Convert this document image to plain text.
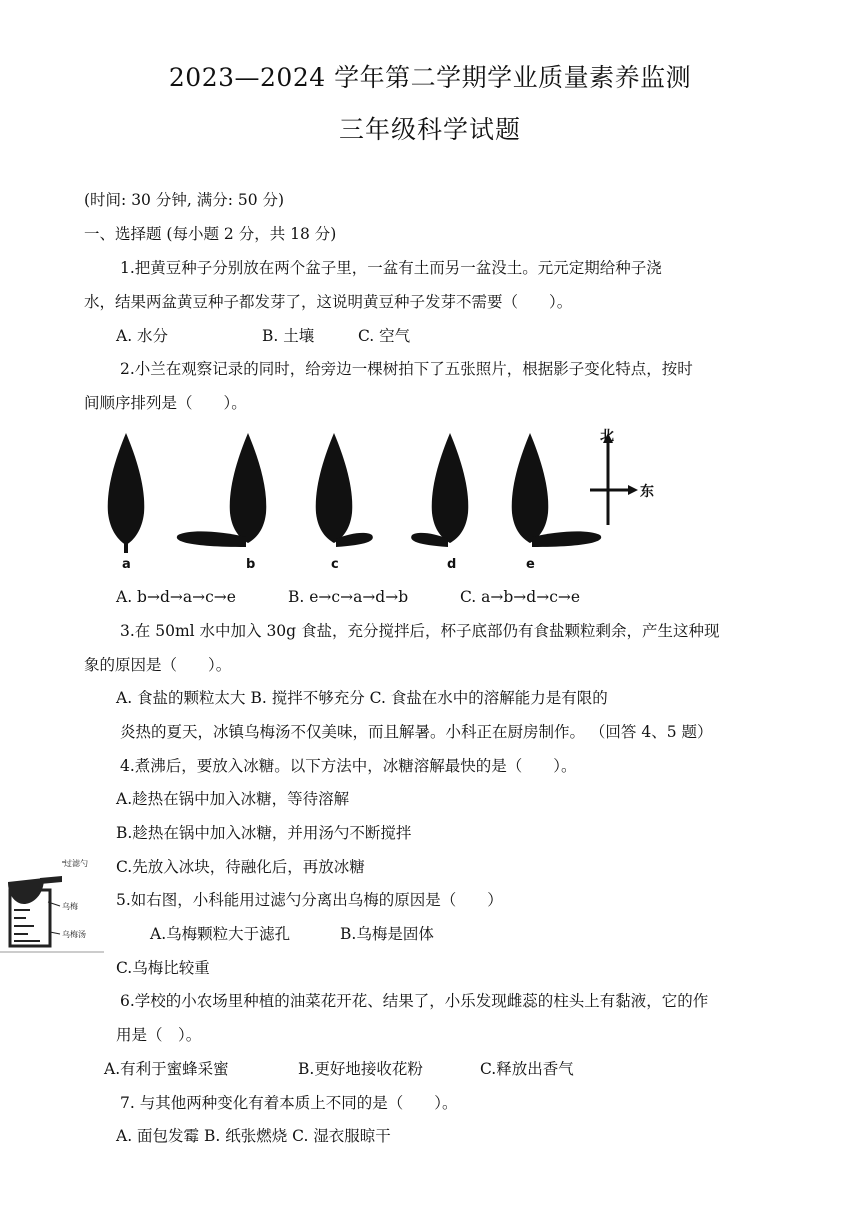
2023—2024 学年第二学期学业质量素养监测
三年级科学试题
(时间: 30 分钟, 满分: 50 分)
一、选择题 (每小题 2 分，共 18 分)
1.把黄豆种子分别放在两个盆子里，一盆有土而另一盆没土。元元定期给种子浇
水，结果两盆黄豆种子都发芽了，这说明黄豆种子发芽不需要（　　）。
A. 水分	B. 土壤	C. 空气
2.小兰在观察记录的同时，给旁边一棵树拍下了五张照片，根据影子变化特点，按时
间顺序排列是（　　）。
a	b	c	d	e
北
东
A. b→d→a→c→e	B. e→c→a→d→b	C. a→b→d→c→e
3.在 50ml 水中加入 30g 食盐，充分搅拌后，杯子底部仍有食盐颗粒剩余，产生这种现
象的原因是（　　）。
A. 食盐的颗粒太大 B. 搅拌不够充分 C. 食盐在水中的溶解能力是有限的
炎热的夏天，冰镇乌梅汤不仅美味，而且解暑。小科正在厨房制作。 （回答 4、5 题）
4.煮沸后，要放入冰糖。以下方法中，冰糖溶解最快的是（　　）。
A.趁热在锅中加入冰糖，等待溶解
B.趁热在锅中加入冰糖，并用汤勺不断搅拌
C.先放入冰块，待融化后，再放冰糖
过滤勺
乌梅
乌梅汤
5.如右图，小科能用过滤勺分离出乌梅的原因是（　　）
A.乌梅颗粒大于滤孔	B.乌梅是固体
C.乌梅比较重
6.学校的小农场里种植的油菜花开花、结果了，小乐发现雌蕊的柱头上有黏液，它的作
用是（　）。
A.有利于蜜蜂采蜜	B.更好地接收花粉	C.释放出香气
7. 与其他两种变化有着本质上不同的是（　　）。
A. 面包发霉 B. 纸张燃烧 C. 湿衣服晾干
